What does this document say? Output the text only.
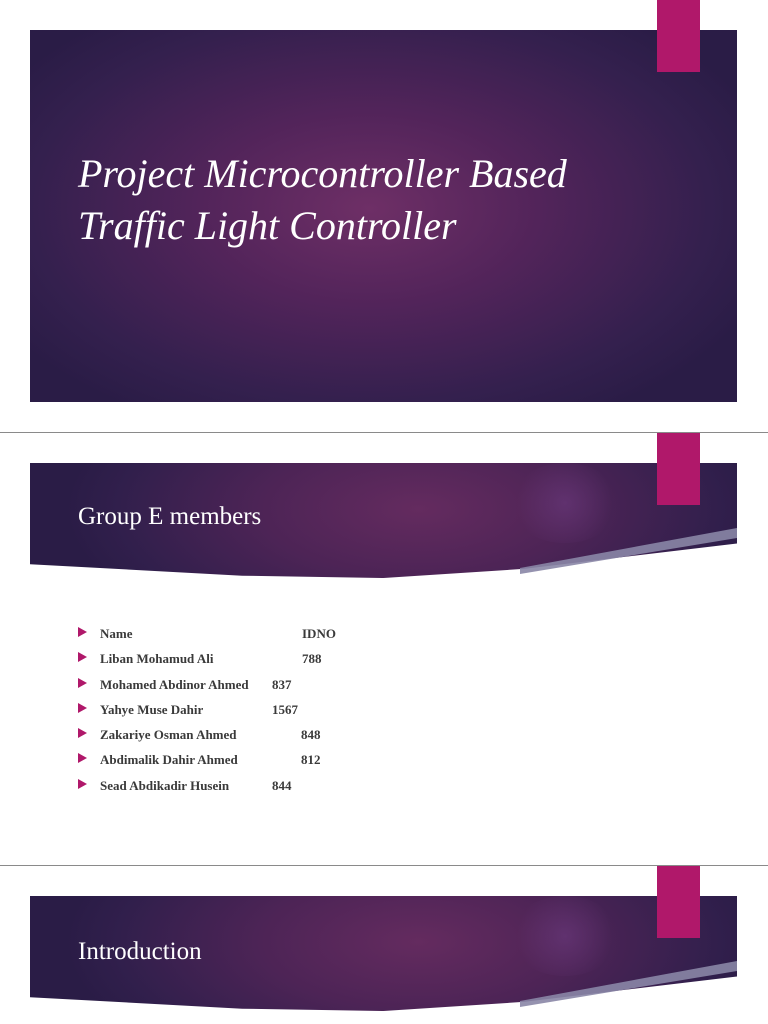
Project Microcontroller Based
Traffic Light Controller
Group E members
Name	IDNO
Liban Mohamud Ali	788
Mohamed Abdinor Ahmed 837
Yahye Muse Dahir	1567
Zakariye Osman Ahmed	848
Abdimalik Dahir Ahmed	812
Sead Abdikadir Husein	844
Introduction
